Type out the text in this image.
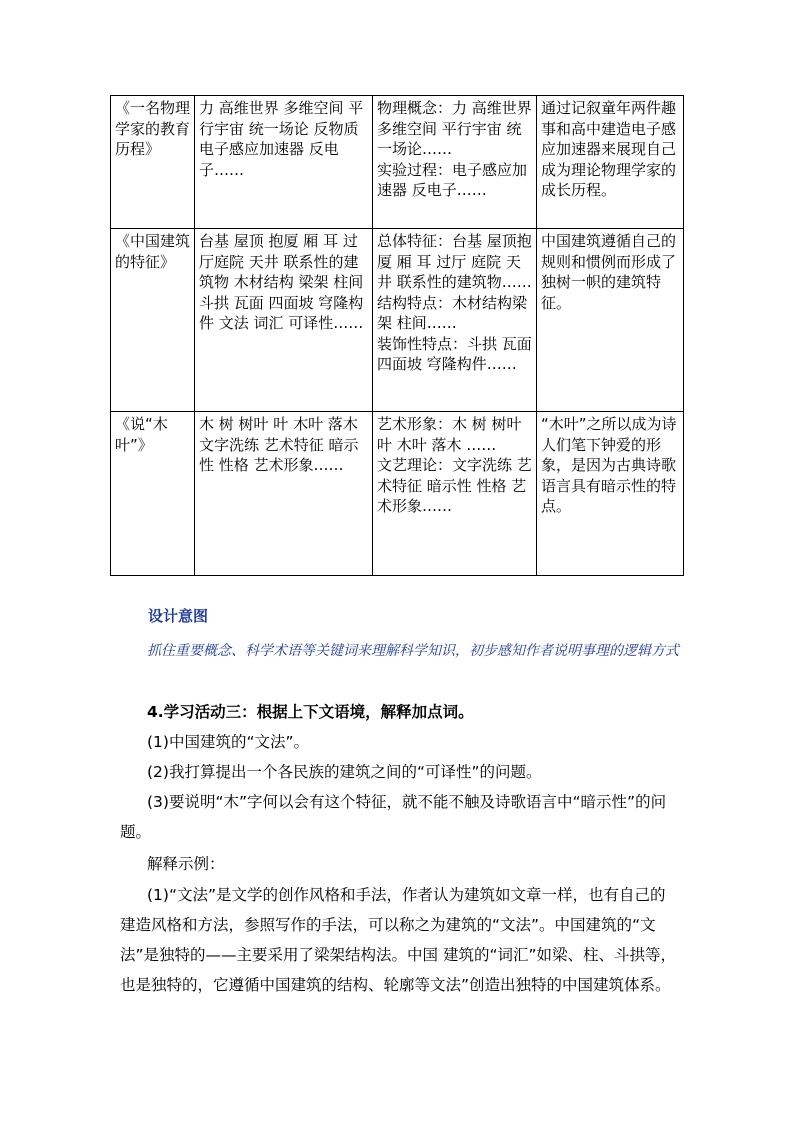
《一名物理学家的教育历程》	力 高维世界 多维空间 平行宇宙 统一场论 反物质 电子感应加速器 反电子……	物理概念：力 高维世界 多维空间 平行宇宙 统一场论……
实验过程：电子感应加速器 反电子……	通过记叙童年两件趣事和高中建造电子感应加速器来展现自己成为理论物理学家的成长历程。

《中国建筑的特征》	台基 屋顶 抱厦 厢 耳 过厅庭院 天井 联系性的建筑物 木材结构 梁架 柱间 斗拱 瓦面 四面坡 穹隆构件 文法 词汇 可译性……	总体特征：台基 屋顶抱厦 厢 耳 过厅 庭院 天井 联系性的建筑物……
结构特点：木材结构梁架 柱间……
装饰性特点：斗拱 瓦面 四面坡 穹隆构件……	中国建筑遵循自己的规则和惯例而形成了独树一帜的建筑特征。

《说“木叶”》	木 树 树叶 叶 木叶 落木 文字洗练 艺术特征 暗示性 性格 艺术形象……	艺术形象：木 树 树叶 叶 木叶 落木 ……
文艺理论：文字洗练 艺术特征 暗示性 性格 艺术形象……	“木叶”之所以成为诗人们笔下钟爱的形象，是因为古典诗歌语言具有暗示性的特点。
设计意图
抓住重要概念、科学术语等关键词来理解科学知识，初步感知作者说明事理的逻辑方式
4.学习活动三：根据上下文语境，解释加点词。
(1)中国建筑的“文法”。
(2)我打算提出一个各民族的建筑之间的“可译性”的问题。
(3)要说明“木”字何以会有这个特征，就不能不触及诗歌语言中“暗示性”的问题。
解释示例：
(1)“文法”是文学的创作风格和手法，作者认为建筑如文章一样，也有自己的建造风格和方法，参照写作的手法，可以称之为建筑的“文法”。中国建筑的“文法”是独特的——主要采用了梁架结构法。中国 建筑的“词汇”如梁、柱、斗拱等，也是独特的，它遵循中国建筑的结构、轮廓等文法”创造出独特的中国建筑体系。
